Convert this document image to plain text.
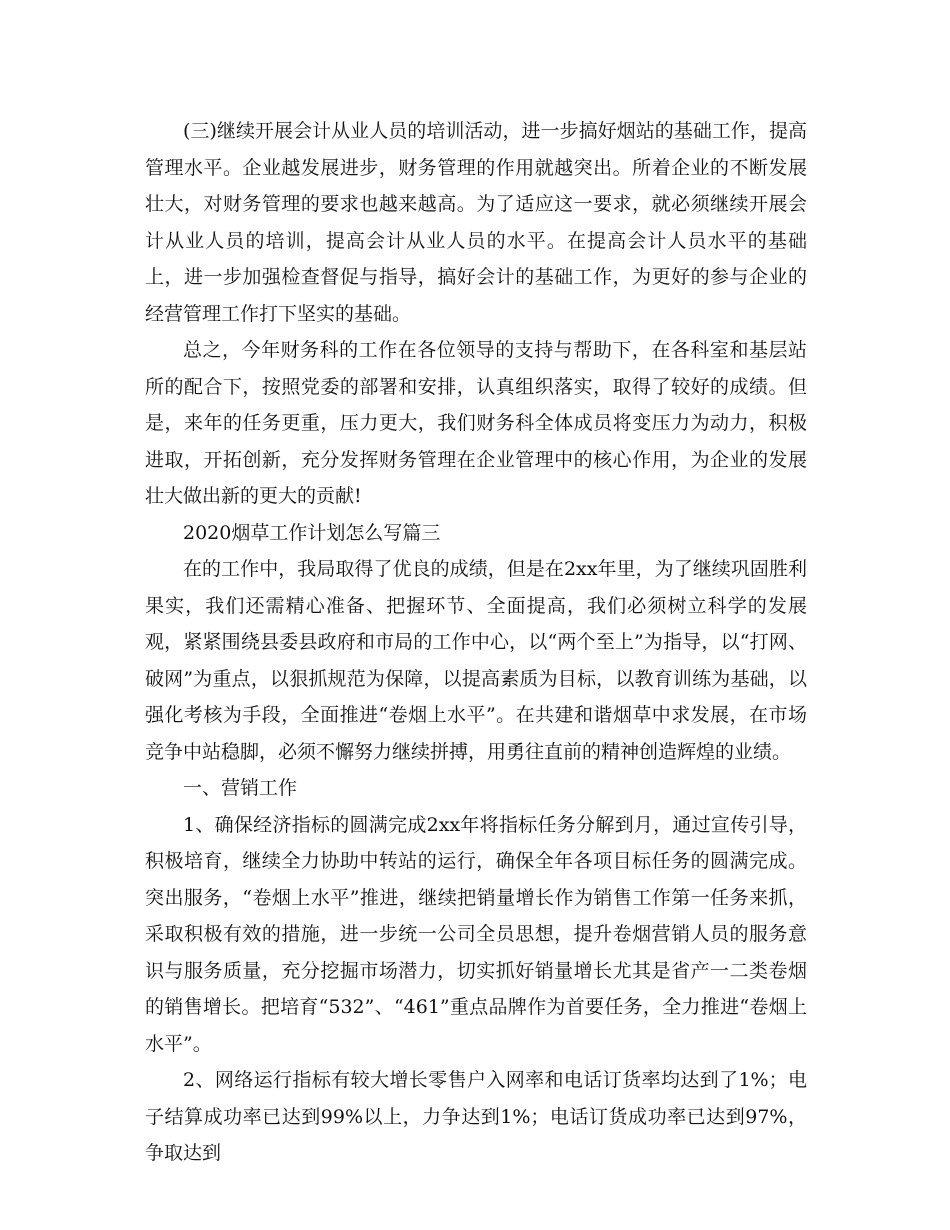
(三)继续开展会计从业人员的培训活动，进一步搞好烟站的基础工作，提高管理水平。企业越发展进步，财务管理的作用就越突出。所着企业的不断发展壮大，对财务管理的要求也越来越高。为了适应这一要求，就必须继续开展会计从业人员的培训，提高会计从业人员的水平。在提高会计人员水平的基础上，进一步加强检查督促与指导，搞好会计的基础工作，为更好的参与企业的经营管理工作打下坚实的基础。

总之，今年财务科的工作在各位领导的支持与帮助下，在各科室和基层站所的配合下，按照党委的部署和安排，认真组织落实，取得了较好的成绩。但是，来年的任务更重，压力更大，我们财务科全体成员将变压力为动力，积极进取，开拓创新，充分发挥财务管理在企业管理中的核心作用，为企业的发展壮大做出新的更大的贡献!

2020烟草工作计划怎么写篇三

在的工作中，我局取得了优良的成绩，但是在2xx年里，为了继续巩固胜利果实，我们还需精心准备、把握环节、全面提高，我们必须树立科学的发展观，紧紧围绕县委县政府和市局的工作中心，以“两个至上”为指导，以“打网、破网”为重点，以狠抓规范为保障，以提高素质为目标，以教育训练为基础，以强化考核为手段，全面推进“卷烟上水平”。在共建和谐烟草中求发展，在市场竞争中站稳脚，必须不懈努力继续拼搏，用勇往直前的精神创造辉煌的业绩。

一、营销工作

1、确保经济指标的圆满完成2xx年将指标任务分解到月，通过宣传引导，积极培育，继续全力协助中转站的运行，确保全年各项目标任务的圆满完成。突出服务，“卷烟上水平”推进，继续把销量增长作为销售工作第一任务来抓，采取积极有效的措施，进一步统一公司全员思想，提升卷烟营销人员的服务意识与服务质量，充分挖掘市场潜力，切实抓好销量增长尤其是省产一二类卷烟的销售增长。把培育“532”、“461”重点品牌作为首要任务，全力推进“卷烟上水平”。

2、网络运行指标有较大增长零售户入网率和电话订货率均达到了1%；电子结算成功率已达到99%以上，力争达到1%；电话订货成功率已达到97%，争取达到
